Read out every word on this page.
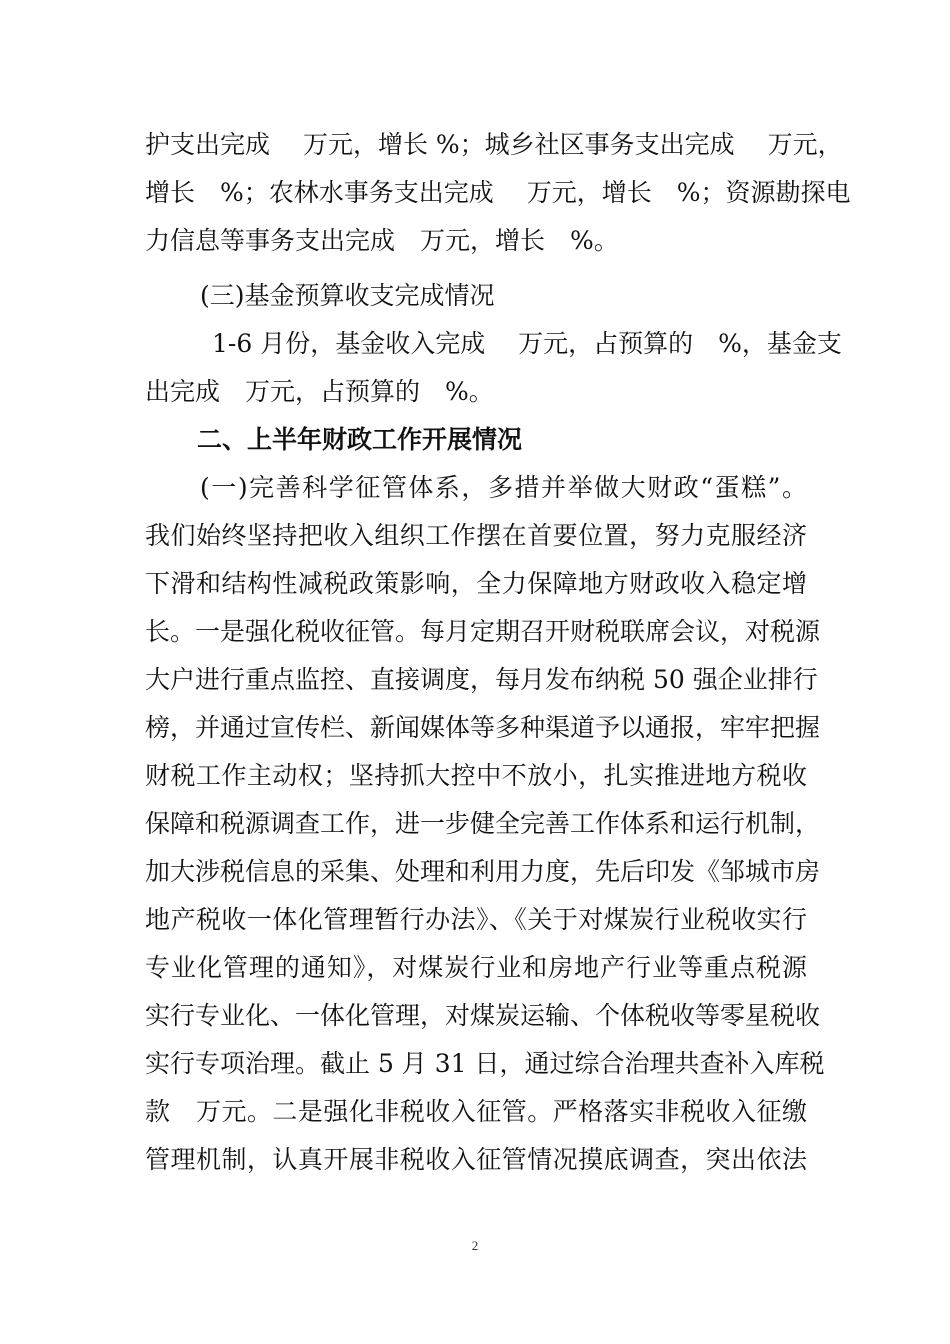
护支出完成　 万元，增长 %；城乡社区事务支出完成　 万元，
增长　%；农林水事务支出完成　 万元，增长　%；资源勘探电
力信息等事务支出完成　万元，增长　%。
(三)基金预算收支完成情况
1-6 月份，基金收入完成　 万元，占预算的　%，基金支
出完成　万元，占预算的　%。
二、上半年财政工作开展情况
(一)完善科学征管体系，多措并举做大财政“蛋糕”。
我们始终坚持把收入组织工作摆在首要位置，努力克服经济
下滑和结构性减税政策影响，全力保障地方财政收入稳定增
长。一是强化税收征管。每月定期召开财税联席会议，对税源
大户进行重点监控、直接调度，每月发布纳税 50 强企业排行
榜，并通过宣传栏、新闻媒体等多种渠道予以通报，牢牢把握
财税工作主动权；坚持抓大控中不放小，扎实推进地方税收
保障和税源调查工作，进一步健全完善工作体系和运行机制，
加大涉税信息的采集、处理和利用力度，先后印发《邹城市房
地产税收一体化管理暂行办法》、《关于对煤炭行业税收实行
专业化管理的通知》，对煤炭行业和房地产行业等重点税源
实行专业化、一体化管理，对煤炭运输、个体税收等零星税收
实行专项治理。截止 5 月 31 日，通过综合治理共查补入库税
款　万元。二是强化非税收入征管。严格落实非税收入征缴
管理机制，认真开展非税收入征管情况摸底调查，突出依法
2
